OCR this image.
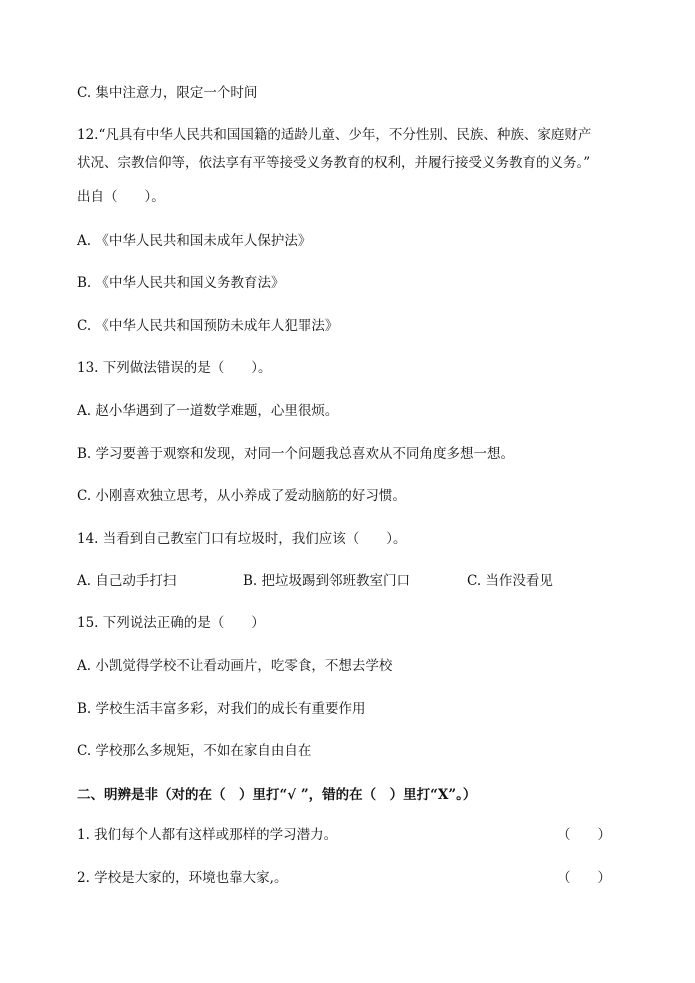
C. 集中注意力，限定一个时间
12.“凡具有中华人民共和国国籍的适龄儿童、少年，不分性别、民族、种族、家庭财产
状况、宗教信仰等，依法享有平等接受义务教育的权利，并履行接受义务教育的义务。”
出自（　　）。
A. 《中华人民共和国未成年人保护法》
B. 《中华人民共和国义务教育法》
C. 《中华人民共和国预防未成年人犯罪法》
13. 下列做法错误的是（　　）。
A. 赵小华遇到了一道数学难题，心里很烦。
B. 学习要善于观察和发现，对同一个问题我总喜欢从不同角度多想一想。
C. 小刚喜欢独立思考，从小养成了爱动脑筋的好习惯。
14. 当看到自己教室门口有垃圾时，我们应该（　　）。
A. 自己动手打扫	B. 把垃圾踢到邻班教室门口	C. 当作没看见
15. 下列说法正确的是（　　）
A. 小凯觉得学校不让看动画片，吃零食，不想去学校
B. 学校生活丰富多彩，对我们的成长有重要作用
C. 学校那么多规矩，不如在家自由自在
二、明辨是非（对的在（　）里打“√ ”，错的在（　）里打“X”。）
1. 我们每个人都有这样或那样的学习潜力。	（　　）
2. 学校是大家的，环境也靠大家,。	（　　）
